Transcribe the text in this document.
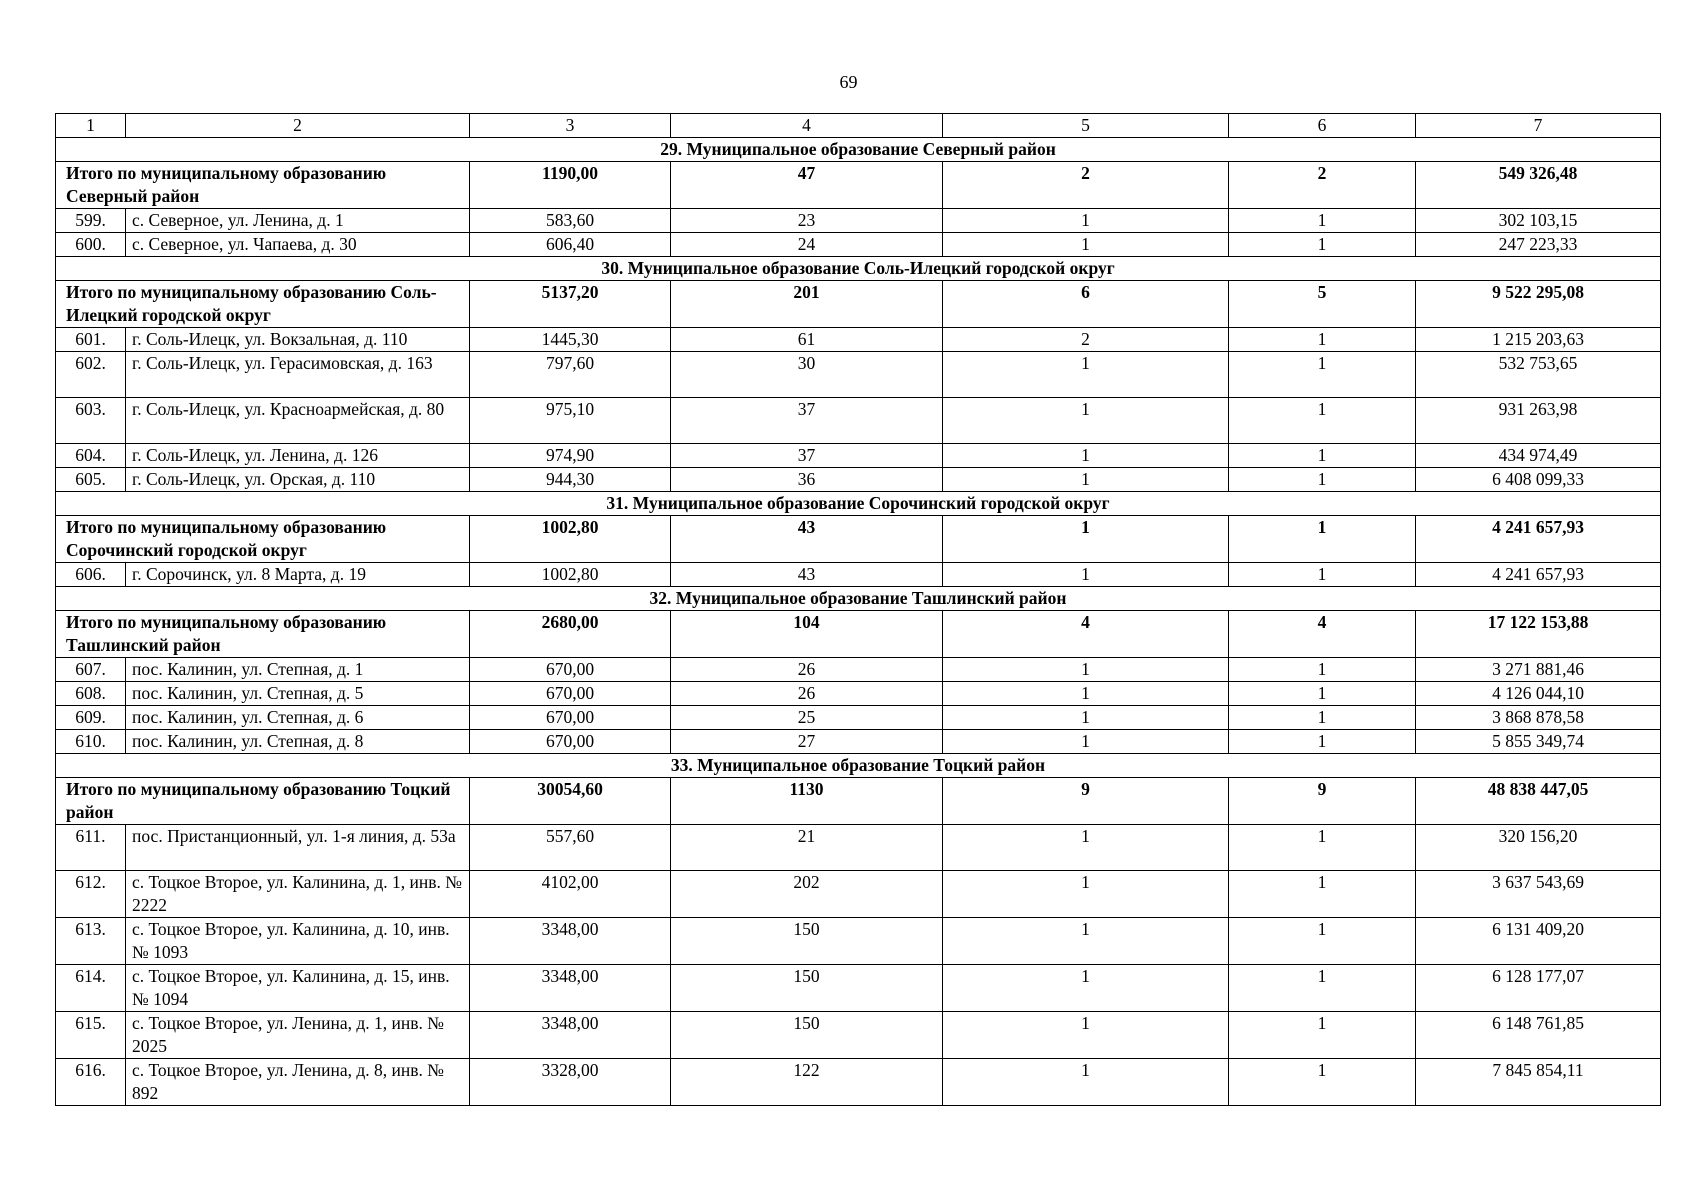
69
1	2	3	4	5	6	7
29. Муниципальное образование Северный район						
Итого по муниципальному образованию Северный район		1190,00	47	2	2	549 326,48
599.	с. Северное, ул. Ленина, д. 1	583,60	23	1	1	302 103,15
600.	с. Северное, ул. Чапаева, д. 30	606,40	24	1	1	247 223,33
30. Муниципальное образование Соль-Илецкий городской округ						
Итого по муниципальному образованию Соль-Илецкий городской округ		5137,20	201	6	5	9 522 295,08
601.	г. Соль-Илецк, ул. Вокзальная, д. 110	1445,30	61	2	1	1 215 203,63
602.	г. Соль-Илецк, ул. Герасимовская, д. 163	797,60	30	1	1	532 753,65
603.	г. Соль-Илецк, ул. Красноармейская, д. 80	975,10	37	1	1	931 263,98
604.	г. Соль-Илецк, ул. Ленина, д. 126	974,90	37	1	1	434 974,49
605.	г. Соль-Илецк, ул. Орская, д. 110	944,30	36	1	1	6 408 099,33
31. Муниципальное образование Сорочинский городской округ						
Итого по муниципальному образованию Сорочинский городской округ		1002,80	43	1	1	4 241 657,93
606.	г. Сорочинск, ул. 8 Марта, д. 19	1002,80	43	1	1	4 241 657,93
32. Муниципальное образование Ташлинский район						
Итого по муниципальному образованию Ташлинский район		2680,00	104	4	4	17 122 153,88
607.	пос. Калинин, ул. Степная, д. 1	670,00	26	1	1	3 271 881,46
608.	пос. Калинин, ул. Степная, д. 5	670,00	26	1	1	4 126 044,10
609.	пос. Калинин, ул. Степная, д. 6	670,00	25	1	1	3 868 878,58
610.	пос. Калинин, ул. Степная, д. 8	670,00	27	1	1	5 855 349,74
33. Муниципальное образование Тоцкий район						
Итого по муниципальному образованию Тоцкий район		30054,60	1130	9	9	48 838 447,05
611.	пос. Пристанционный, ул. 1-я линия, д. 53а	557,60	21	1	1	320 156,20
612.	с. Тоцкое Второе, ул. Калинина, д. 1, инв. № 2222	4102,00	202	1	1	3 637 543,69
613.	с. Тоцкое Второе, ул. Калинина, д. 10, инв. № 1093	3348,00	150	1	1	6 131 409,20
614.	с. Тоцкое Второе, ул. Калинина, д. 15, инв. № 1094	3348,00	150	1	1	6 128 177,07
615.	с. Тоцкое Второе, ул. Ленина, д. 1, инв. № 2025	3348,00	150	1	1	6 148 761,85
616.	с. Тоцкое Второе, ул. Ленина, д. 8, инв. № 892	3328,00	122	1	1	7 845 854,11
